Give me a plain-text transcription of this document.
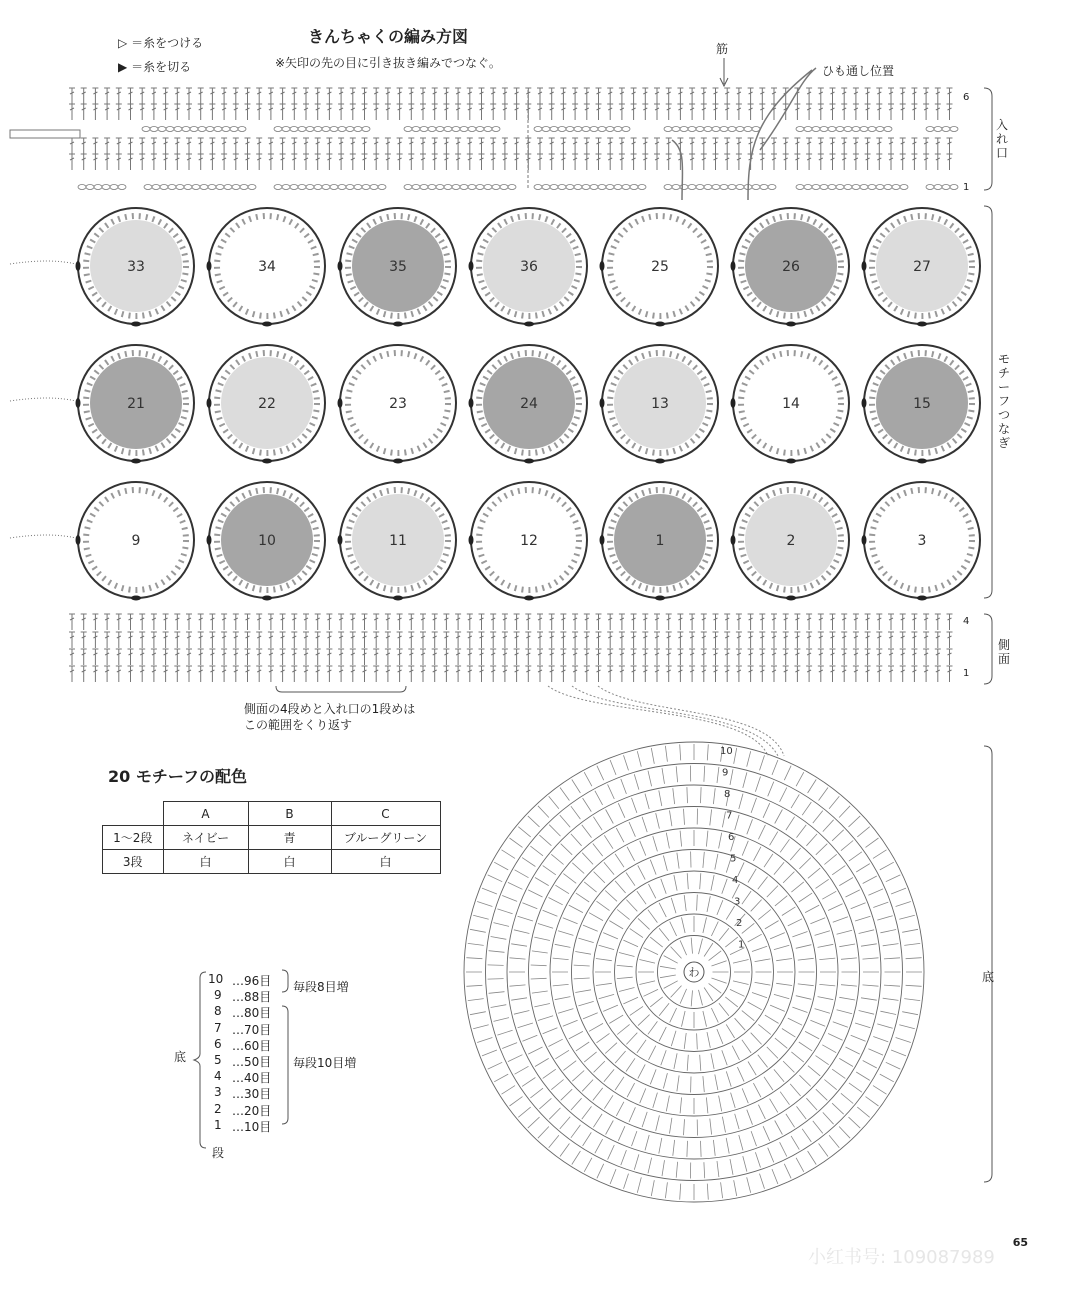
きんちゃくの編み方図
※矢印の先の目に引き抜き編みでつなぐ。
▷ ＝糸をつける
▶ ＝糸を切る
33	34	35	36	25	26	27
21	22	23	24	13	14	15
9	10	11	12	1	2	3
わ
10
9
8
7
6
5
4
3
2
1
筋
ひも通し位置
入れ口
モチーフつなぎ
側面
底
6
1
4
1
側面の4段めと入れ口の1段めは
この範囲をくり返す
20 モチーフの配色
	A	B	C
1〜2段	ネイビー	青	ブルーグリーン
3段	白	白	白
10 …96目
9 …88目
8 …80目
7 …70目
6 …60目
5 …50目
4 …40目
3 …30目
2 …20目
1 …10目
底
段
毎段8目増
毎段10目増
65
小红书号: 109087989
